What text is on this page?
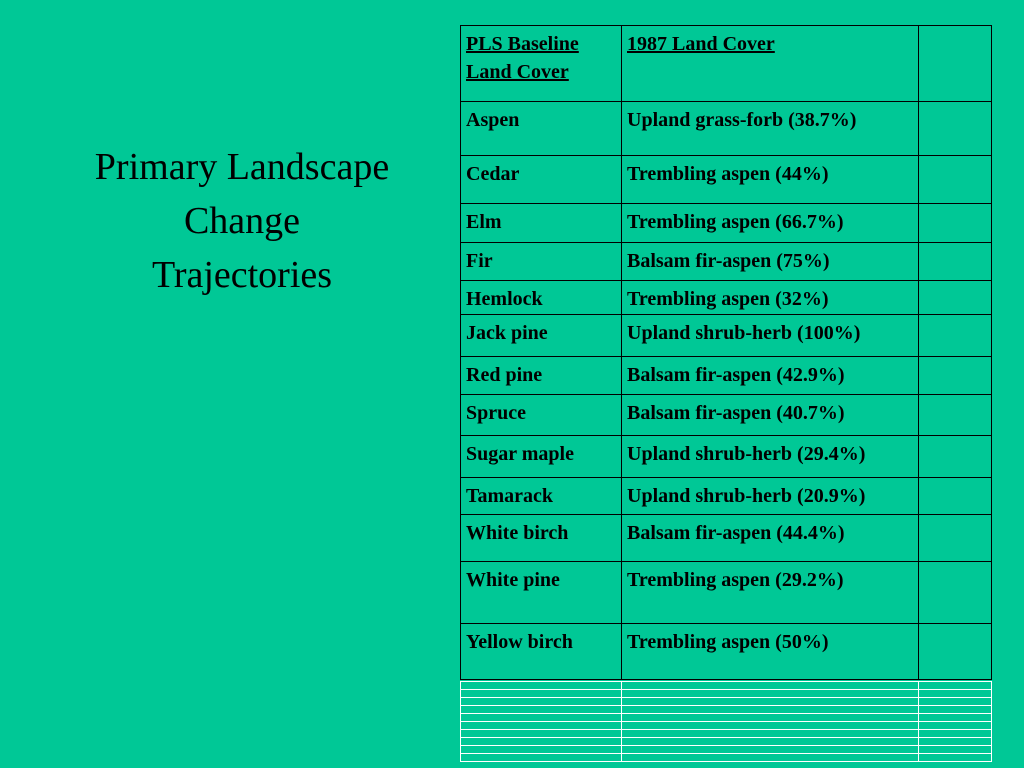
Primary Landscape
Change
Trajectories
PLS Baseline Land Cover	1987 Land Cover	
Aspen	Upland grass-forb (38.7%)	
Cedar	Trembling aspen (44%)	
Elm	Trembling aspen (66.7%)	
Fir	Balsam fir-aspen (75%)	
Hemlock	Trembling aspen (32%)	
Jack pine	Upland shrub-herb (100%)	
Red pine	Balsam fir-aspen (42.9%)	
Spruce	Balsam fir-aspen (40.7%)	
Sugar maple	Upland shrub-herb (29.4%)	
Tamarack	Upland shrub-herb (20.9%)	
White birch	Balsam fir-aspen (44.4%)	
White pine	Trembling aspen (29.2%)	
Yellow birch	Trembling aspen (50%)	
